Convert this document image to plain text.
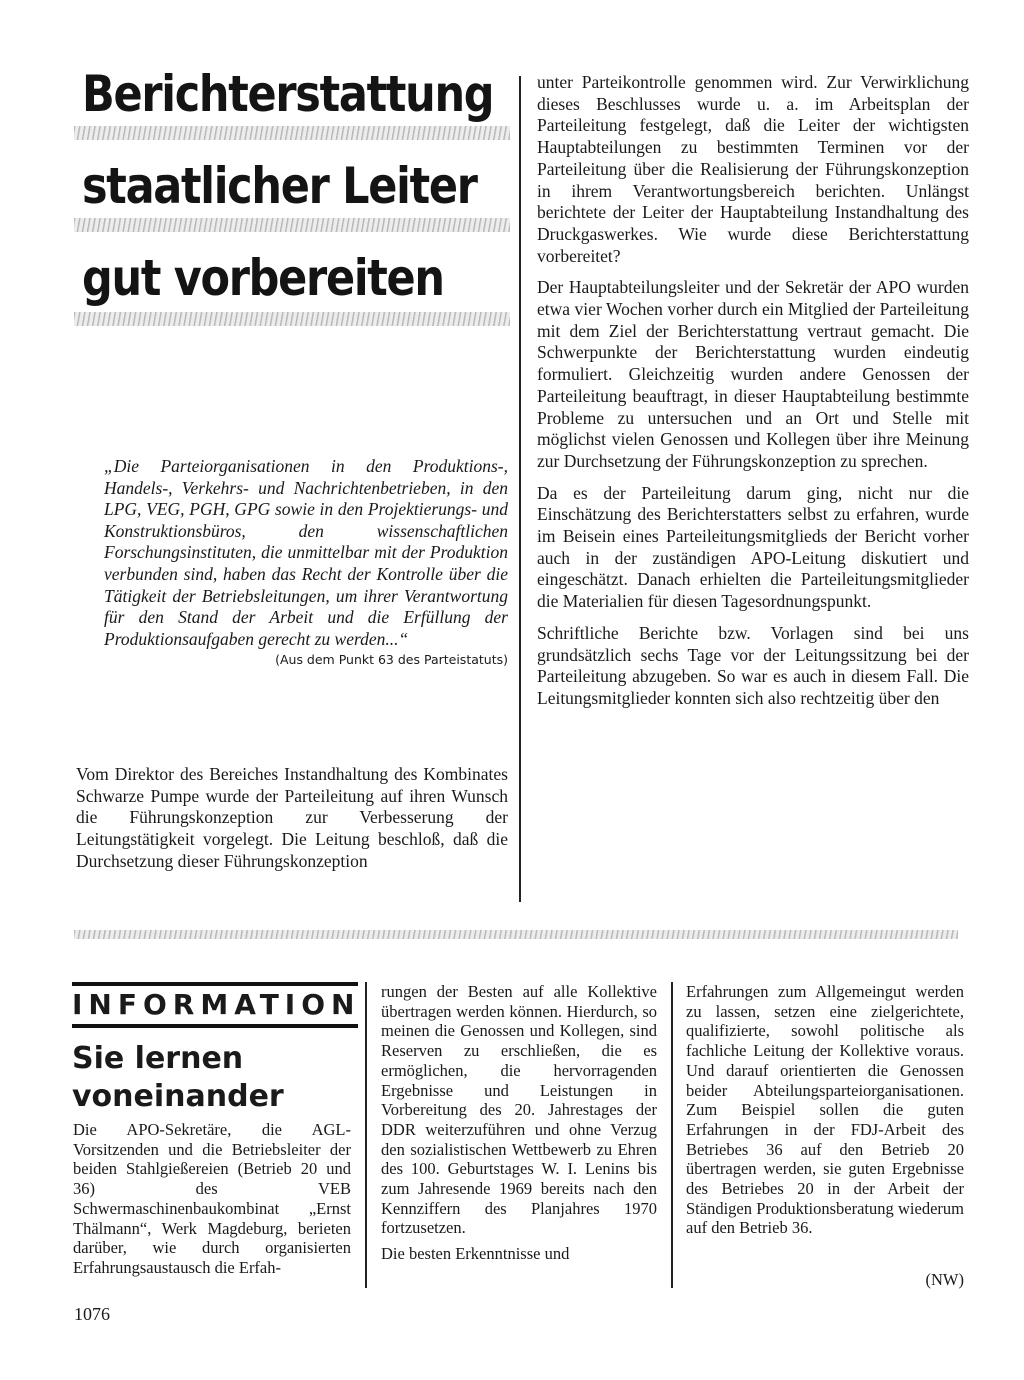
Berichterstattung
staatlicher Leiter
gut vorbereiten

„Die Parteiorganisationen in den Produktions-, Handels-, Verkehrs- und Nachrichtenbetrieben, in den LPG, VEG, PGH, GPG sowie in den Projektierungs- und Konstruktionsbüros, den wissenschaftlichen Forschungsinstituten, die unmittelbar mit der Produktion verbunden sind, haben das Recht der Kontrolle über die Tätigkeit der Betriebsleitungen, um ihrer Verantwortung für den Stand der Arbeit und die Erfüllung der Produktionsaufgaben gerecht zu werden...“

(Aus dem Punkt 63 des Parteistatuts)

Vom Direktor des Bereiches Instandhaltung des Kombinates Schwarze Pumpe wurde der Parteileitung auf ihren Wunsch die Führungskonzeption zur Verbesserung der Leitungstätigkeit vorgelegt. Die Leitung beschloß, daß die Durchsetzung dieser Führungskonzeption

unter Parteikontrolle genommen wird. Zur Verwirklichung dieses Beschlusses wurde u. a. im Arbeitsplan der Parteileitung festgelegt, daß die Leiter der wichtigsten Hauptabteilungen zu bestimmten Terminen vor der Parteileitung über die Realisierung der Führungskonzeption in ihrem Verantwortungsbereich berichten. Unlängst berichtete der Leiter der Hauptabteilung Instandhaltung des Druckgaswerkes. Wie wurde diese Berichterstattung vorbereitet?

Der Hauptabteilungsleiter und der Sekretär der APO wurden etwa vier Wochen vorher durch ein Mitglied der Parteileitung mit dem Ziel der Berichterstattung vertraut gemacht. Die Schwerpunkte der Berichterstattung wurden eindeutig formuliert. Gleichzeitig wurden andere Genossen der Parteileitung beauftragt, in dieser Hauptabteilung bestimmte Probleme zu untersuchen und an Ort und Stelle mit möglichst vielen Genossen und Kollegen über ihre Meinung zur Durchsetzung der Führungskonzeption zu sprechen.

Da es der Parteileitung darum ging, nicht nur die Einschätzung des Berichterstatters selbst zu erfahren, wurde im Beisein eines Parteileitungsmitglieds der Bericht vorher auch in der zuständigen APO-Leitung diskutiert und eingeschätzt. Danach erhielten die Parteileitungsmitglieder die Materialien für diesen Tagesordnungspunkt.

Schriftliche Berichte bzw. Vorlagen sind bei uns grundsätzlich sechs Tage vor der Leitungssitzung bei der Parteileitung abzugeben. So war es auch in diesem Fall. Die Leitungsmitglieder konnten sich also rechtzeitig über den

INFORMATION
Sie lernen
voneinander

Die APO-Sekretäre, die AGL-Vorsitzenden und die Betriebsleiter der beiden Stahlgießereien (Betrieb 20 und 36) des VEB Schwermaschinenbaukombinat „Ernst Thälmann“, Werk Magdeburg, berieten darüber, wie durch organisierten Erfahrungsaustausch die Erfah-

rungen der Besten auf alle Kollektive übertragen werden können. Hierdurch, so meinen die Genossen und Kollegen, sind Reserven zu erschließen, die es ermöglichen, die hervorragenden Ergebnisse und Leistungen in Vorbereitung des 20. Jahrestages der DDR weiterzuführen und ohne Verzug den sozialistischen Wettbewerb zu Ehren des 100. Geburtstages W. I. Lenins bis zum Jahresende 1969 bereits nach den Kennziffern des Planjahres 1970 fortzusetzen.

Die besten Erkenntnisse und

Erfahrungen zum Allgemeingut werden zu lassen, setzen eine zielgerichtete, qualifizierte, sowohl politische als fachliche Leitung der Kollektive voraus. Und darauf orientierten die Genossen beider Abteilungsparteiorganisationen. Zum Beispiel sollen die guten Erfahrungen in der FDJ-Arbeit des Betriebes 36 auf den Betrieb 20 übertragen werden, sie guten Ergebnisse des Betriebes 20 in der Arbeit der Ständigen Produktionsberatung wiederum auf den Betrieb 36.

(NW)
1076
